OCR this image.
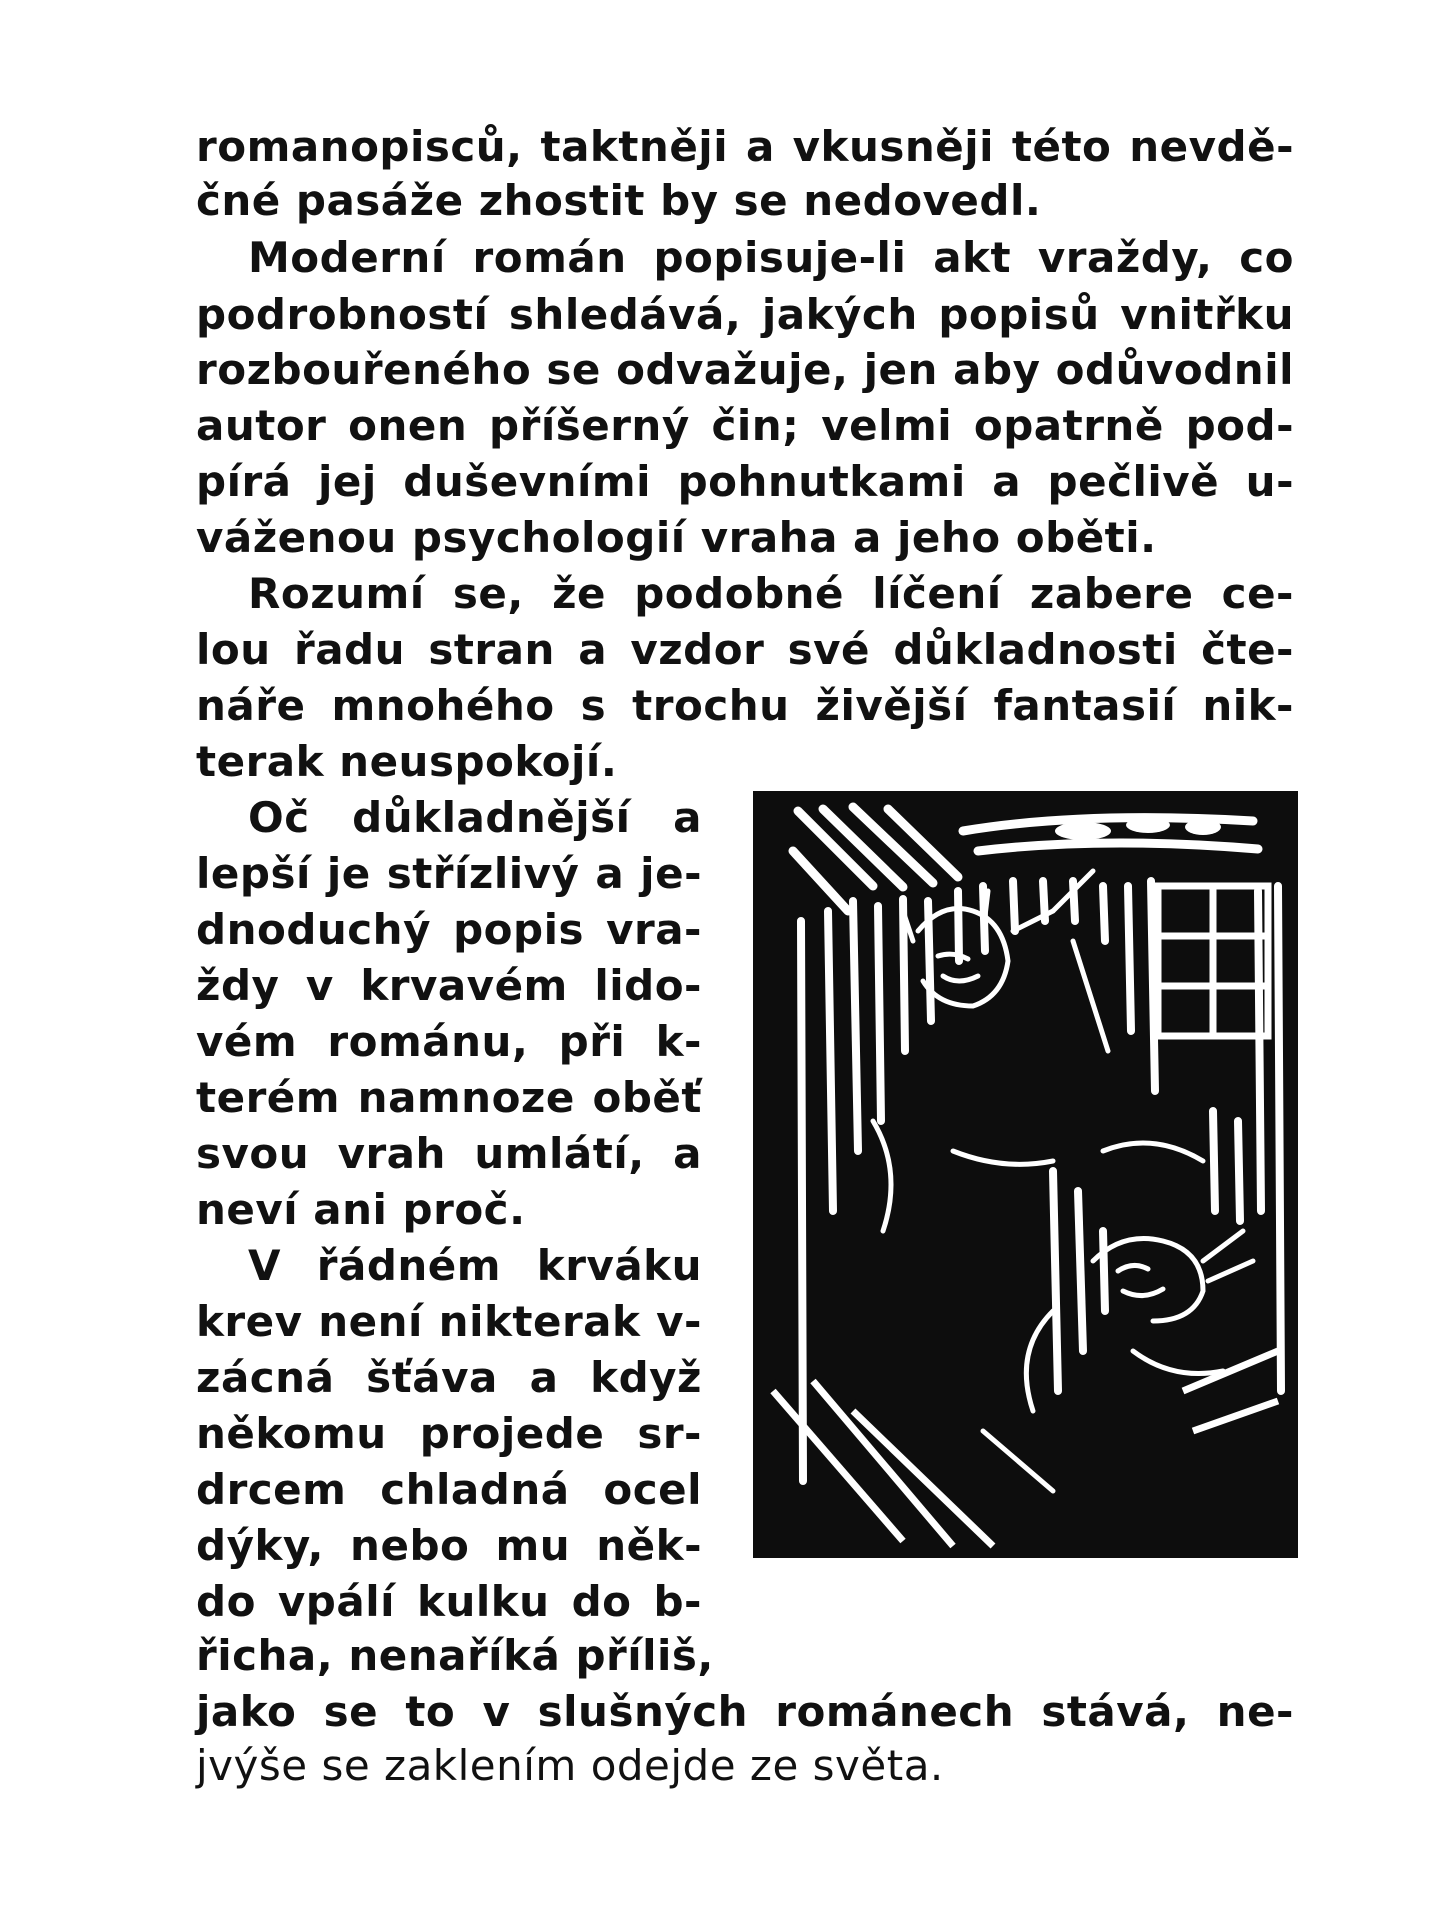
romanopisců, taktněji a vkusněji této nevdě-
čné pasáže zhostit by se nedovedl.
Moderní román popisuje-li akt vraždy, co
podrobností shledává, jakých popisů vnitřku
rozbouřeného se odvažuje, jen aby odůvodnil
autor onen příšerný čin; velmi opatrně pod-
pírá jej duševními pohnutkami a pečlivě u-
váženou psychologií vraha a jeho oběti.
Rozumí se, že podobné líčení zabere ce-
lou řadu stran a vzdor své důkladnosti čte-
náře mnohého s trochu živější fantasií nik-
terak neuspokojí.
Oč důkladnější a
lepší je střízlivý a je-
dnoduchý popis vra-
ždy v krvavém lido-
vém románu, při k-
terém namnoze oběť
svou vrah umlátí, a
neví ani proč.
V řádném krváku
krev není nikterak v-
zácná šťáva a když
někomu projede sr-
drcem chladná ocel
dýky, nebo mu něk-
do vpálí kulku do b-
řicha, nenaříká příliš,
jako se to v slušných románech stává, ne-
jvýše se zaklením odejde ze světa.
